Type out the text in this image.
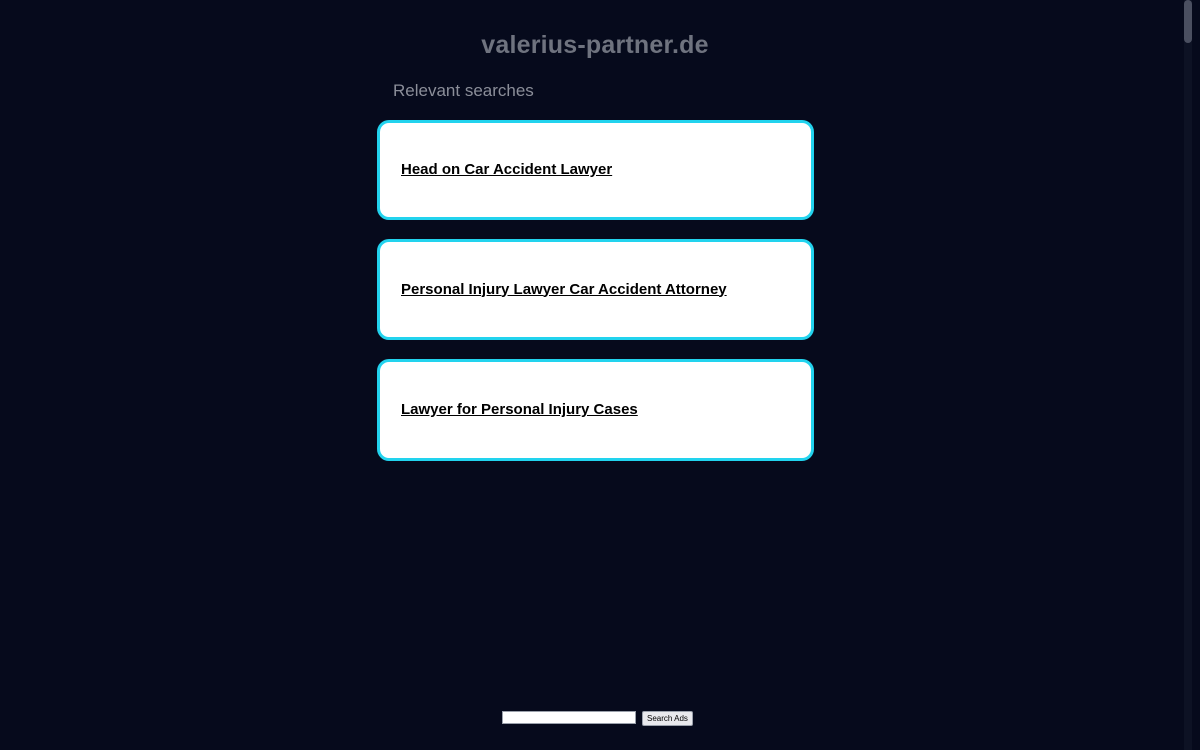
valerius-partner.de
Relevant searches
Head on Car Accident Lawyer
Personal Injury Lawyer Car Accident Attorney
Lawyer for Personal Injury Cases
Search Ads
